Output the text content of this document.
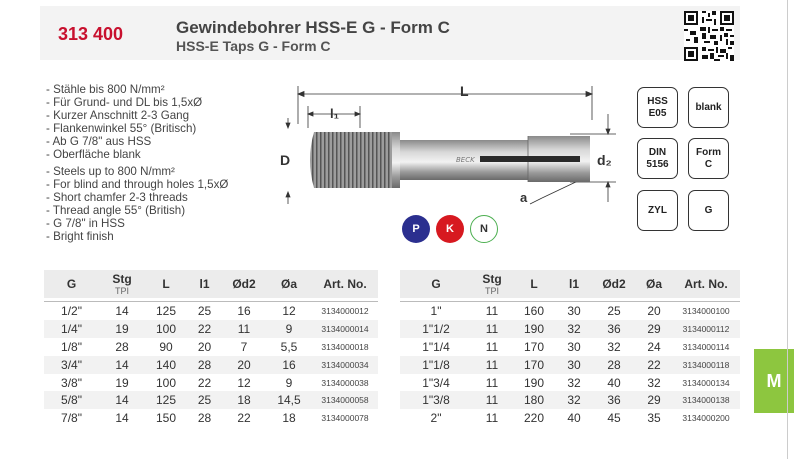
313 400	Gewindebohrer HSS-E G - Form C
HSS-E Taps G - Form C
- Stähle bis 800 N/mm²
- Für Grund- und DL bis 1,5xØ
- Kurzer Anschnitt 2-3 Gang
- Flankenwinkel 55° (Britisch)
- Ab G 7/8" aus HSS
- Oberfläche blank
- Steels up to 800 N/mm²
- For blind and through holes 1,5xØ
- Short chamfer 2-3 threads
- Thread angle 55° (British)
- G 7/8" in HSS
- Bright finish
BECK
L
l₁
D	d₂
a
HSS
E05
blank
DIN
5156
Form
C
ZYL	G
P	K	N
G	Stg
TPI	L	l1	Ød2	Øa	Art. No.

1/2"	14	125	25	16	12	3134000012
1/4"	19	100	22	11	9	3134000014
1/8"	28	90	20	7	5,5	3134000018
3/4"	14	140	28	20	16	3134000034
3/8"	19	100	22	12	9	3134000038
5/8"	14	125	25	18	14,5	3134000058
7/8"	14	150	28	22	18	3134000078
G	Stg
TPI	L	l1	Ød2	Øa	Art. No.

1"	11	160	30	25	20	3134000100
1"1/2	11	190	32	36	29	3134000112
1"1/4	11	170	30	32	24	3134000114
1"1/8	11	170	30	28	22	3134000118
1"3/4	11	190	32	40	32	3134000134
1"3/8	11	180	32	36	29	3134000138
2"	11	220	40	45	35	3134000200
M
